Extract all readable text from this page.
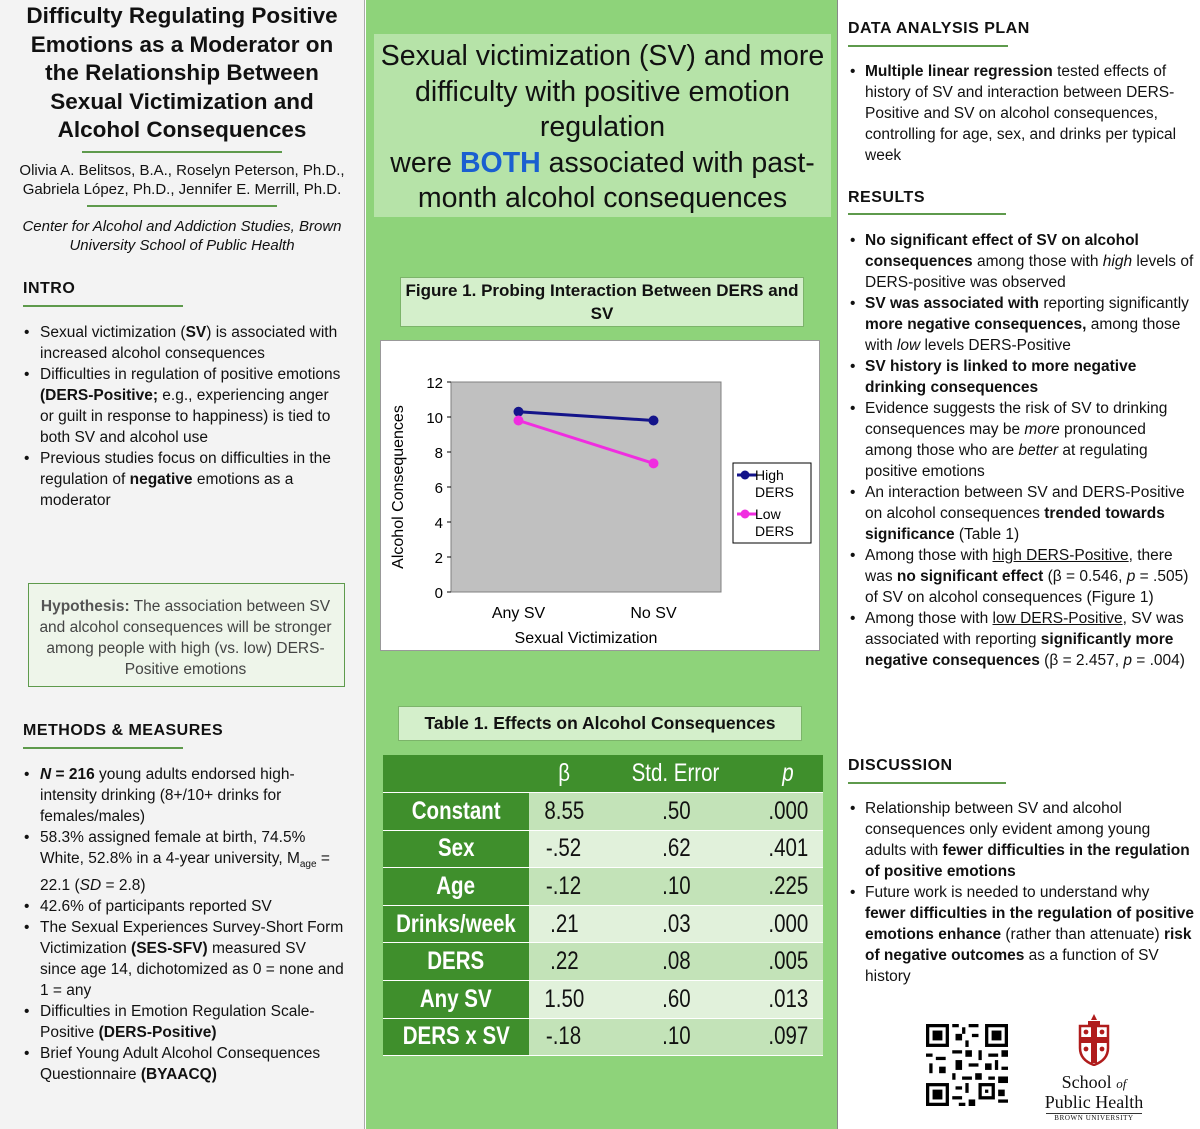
Difficulty Regulating Positive
Emotions as a Moderator on
the Relationship Between
Sexual Victimization and
Alcohol Consequences
Olivia A. Belitsos, B.A., Roselyn Peterson, Ph.D.,
Gabriela López, Ph.D., Jennifer E. Merrill, Ph.D.
Center for Alcohol and Addiction Studies, Brown
University School of Public Health
INTRO
• Sexual victimization (SV) is associated with increased alcohol consequences
• Difficulties in regulation of positive emotions (DERS-Positive; e.g., experiencing anger or guilt in response to happiness) is tied to both SV and alcohol use
• Previous studies focus on difficulties in the regulation of negative emotions as a moderator
Hypothesis: The association between SV and alcohol consequences will be stronger among people with high (vs. low) DERS-Positive emotions
METHODS & MEASURES
• N = 216 young adults endorsed high-intensity drinking (8+/10+ drinks for females/males)
• 58.3% assigned female at birth, 74.5% White, 52.8% in a 4-year university, $M_{age} = 22.1$ (SD = 2.8)
• 42.6% of participants reported SV
• The Sexual Experiences Survey-Short Form Victimization (SES-SFV) measured SV since age 14, dichotomized as 0 = none and 1 = any
• Difficulties in Emotion Regulation Scale-Positive (DERS-Positive)
• Brief Young Adult Alcohol Consequences Questionnaire (BYAACQ)
Sexual victimization (SV) and more difficulty with positive emotion regulation
were BOTH associated with past-month alcohol consequences
Figure 1. Probing Interaction Between DERS and SV
0
2
4
6
8
10
12
Any SV	No SV
Sexual Victimization
Alcohol Consequences	High
DERS
Low
DERS
Table 1. Effects on Alcohol Consequences
	β	Std. Error	p
Constant	8.55	.50	.000
Sex	-.52	.62	.401
Age	-.12	.10	.225
Drinks/week	.21	.03	.000
DERS	.22	.08	.005
Any SV	1.50	.60	.013
DERS x SV	-.18	.10	.097
DATA ANALYSIS PLAN
• Multiple linear regression tested effects of history of SV and interaction between DERS-Positive and SV on alcohol consequences, controlling for age, sex, and drinks per typical week
RESULTS
• No significant effect of SV on alcohol consequences among those with high levels of DERS-positive was observed
• SV was associated with reporting significantly more negative consequences, among those with low levels DERS-Positive
• SV history is linked to more negative drinking consequences
• Evidence suggests the risk of SV to drinking consequences may be more pronounced among those who are better at regulating positive emotions
• An interaction between SV and DERS-Positive on alcohol consequences trended towards significance (Table 1)
• Among those with high DERS-Positive, there was no significant effect (β = 0.546, p = .505) of SV on alcohol consequences (Figure 1)
• Among those with low DERS-Positive, SV was associated with reporting significantly more negative consequences (β = 2.457, p = .004)
DISCUSSION
• Relationship between SV and alcohol consequences only evident among young adults with fewer difficulties in the regulation of positive emotions
• Future work is needed to understand why fewer difficulties in the regulation of positive emotions enhance (rather than attenuate) risk of negative outcomes as a function of SV history
School of
Public Health
BROWN UNIVERSITY
